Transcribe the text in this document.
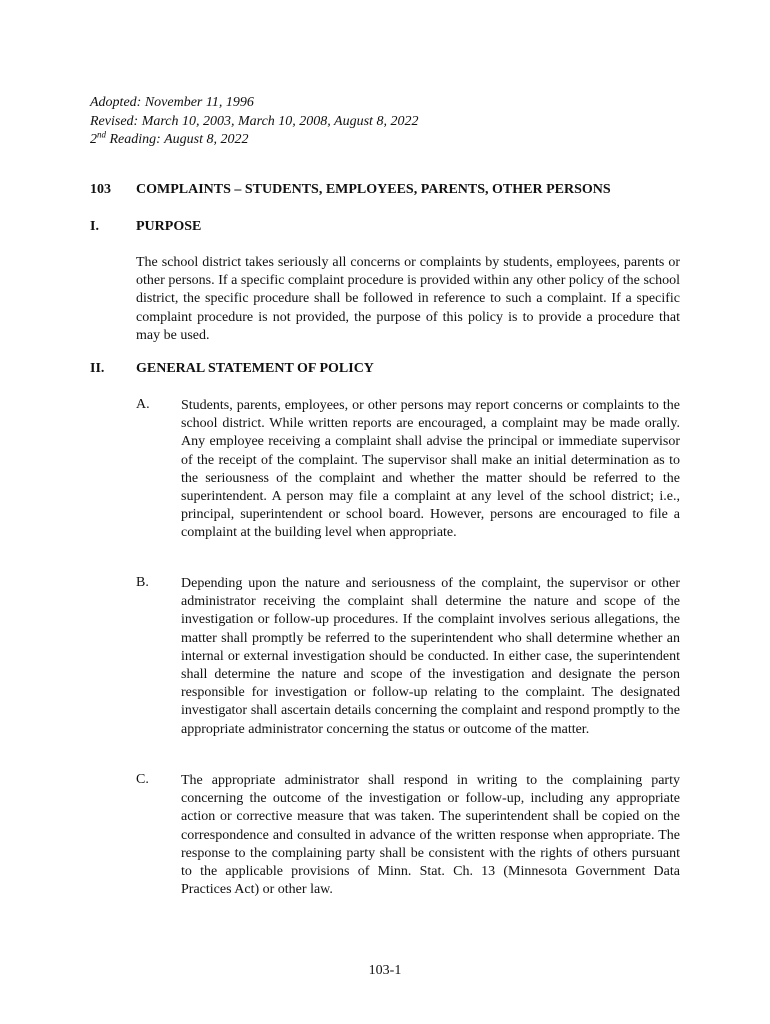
Adopted: November 11, 1996
Revised: March 10, 2003, March 10, 2008, August 8, 2022
2nd Reading: August 8, 2022
103 COMPLAINTS – STUDENTS, EMPLOYEES, PARENTS, OTHER PERSONS
I.	PURPOSE
The school district takes seriously all concerns or complaints by students, employees, parents or other persons. If a specific complaint procedure is provided within any other policy of the school district, the specific procedure shall be followed in reference to such a complaint. If a specific complaint procedure is not provided, the purpose of this policy is to provide a procedure that may be used.
II. GENERAL STATEMENT OF POLICY
A. Students, parents, employees, or other persons may report concerns or complaints to the school district. While written reports are encouraged, a complaint may be made orally. Any employee receiving a complaint shall advise the principal or immediate supervisor of the receipt of the complaint. The supervisor shall make an initial determination as to the seriousness of the complaint and whether the matter should be referred to the superintendent. A person may file a complaint at any level of the school district; i.e., principal, superintendent or school board. However, persons are encouraged to file a complaint at the building level when appropriate.
B. Depending upon the nature and seriousness of the complaint, the supervisor or other administrator receiving the complaint shall determine the nature and scope of the investigation or follow-up procedures. If the complaint involves serious allegations, the matter shall promptly be referred to the superintendent who shall determine whether an internal or external investigation should be conducted. In either case, the superintendent shall determine the nature and scope of the investigation and designate the person responsible for investigation or follow-up relating to the complaint. The designated investigator shall ascertain details concerning the complaint and respond promptly to the appropriate administrator concerning the status or outcome of the matter.
C. The appropriate administrator shall respond in writing to the complaining party concerning the outcome of the investigation or follow-up, including any appropriate action or corrective measure that was taken. The superintendent shall be copied on the correspondence and consulted in advance of the written response when appropriate. The response to the complaining party shall be consistent with the rights of others pursuant to the applicable provisions of Minn. Stat. Ch. 13 (Minnesota Government Data Practices Act) or other law.
103-1
